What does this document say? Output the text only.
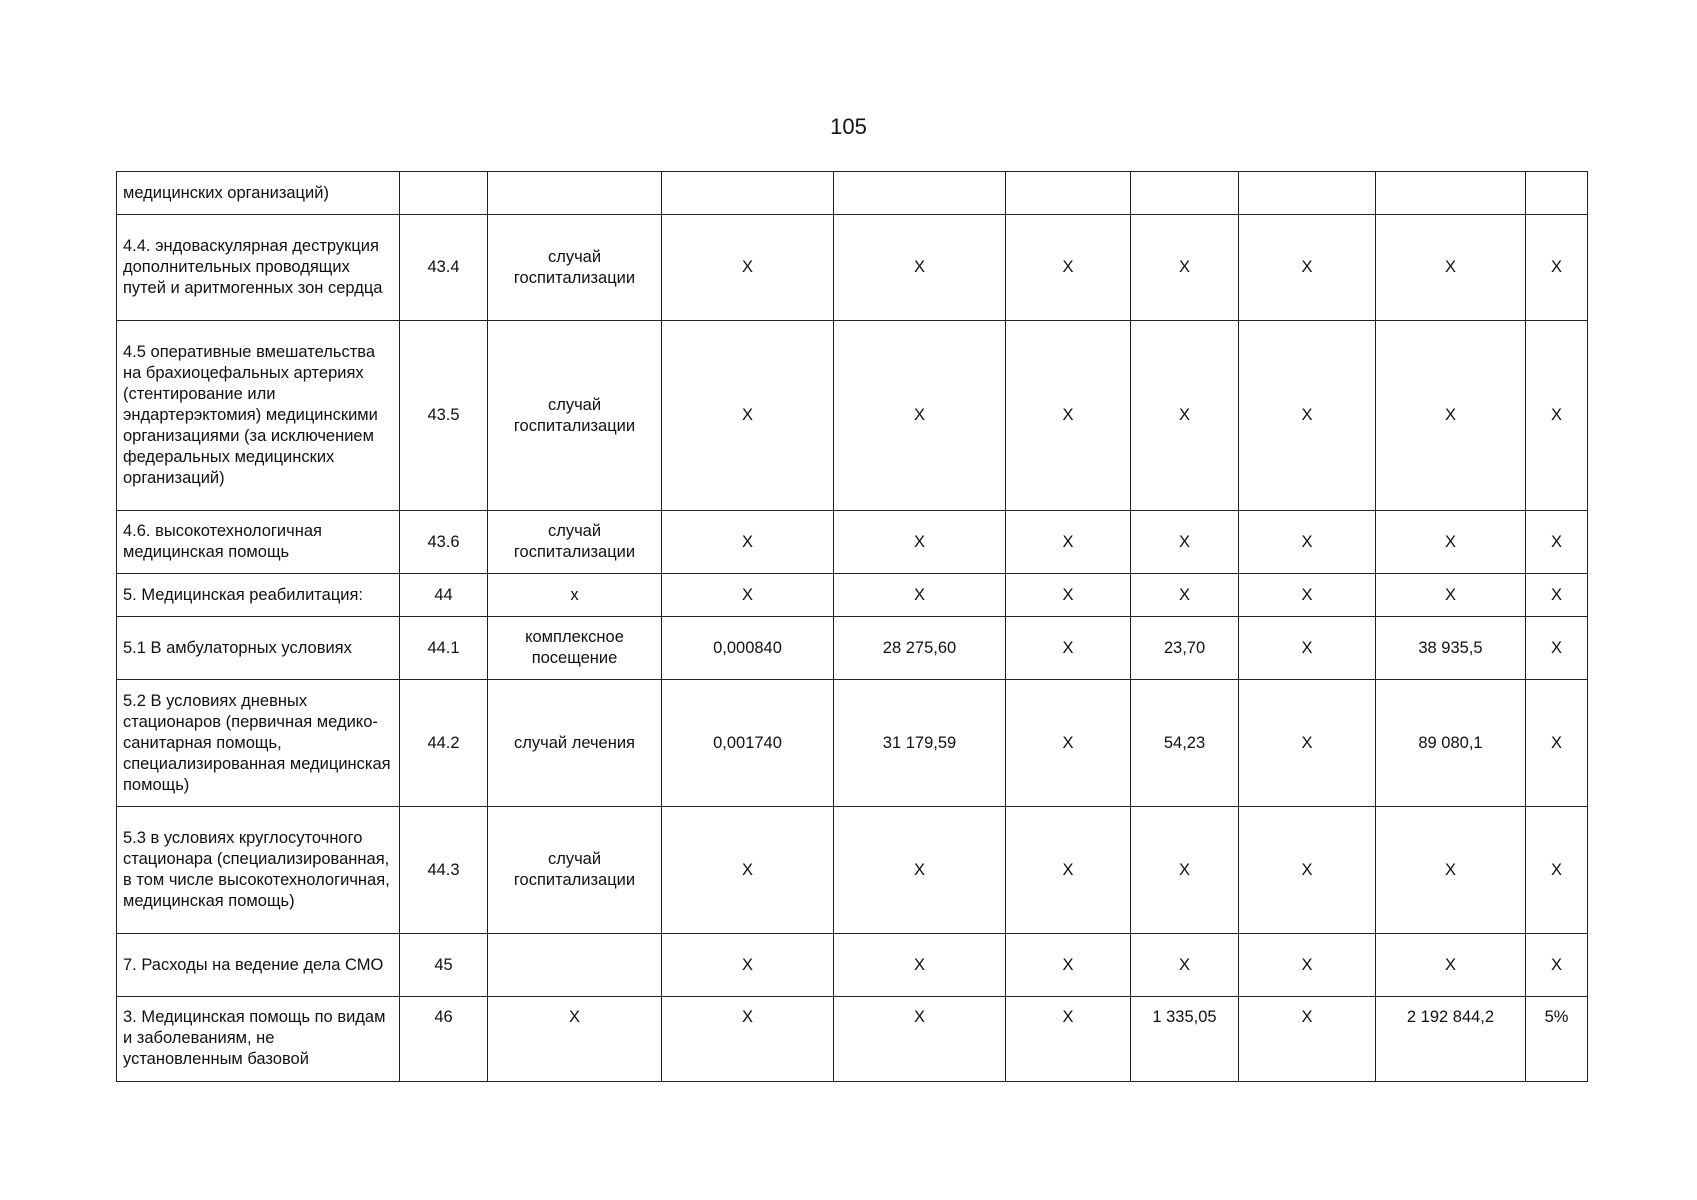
105
медицинских организаций)									
4.4. эндоваскулярная деструкция дополнительных проводящих путей и аритмогенных зон сердца	43.4	случай госпитализации	X	X	X	X	X	X	X
4.5 оперативные вмешательства на брахиоцефальных артериях (стентирование или эндартерэктомия) медицинскими организациями (за исключением федеральных медицинских организаций)	43.5	случай госпитализации	X	X	X	X	X	X	X
4.6. высокотехнологичная медицинская помощь	43.6	случай госпитализации	X	X	X	X	X	X	X
5. Медицинская реабилитация:	44	x	X	X	X	X	X	X	X
5.1 В амбулаторных условиях	44.1	комплексное посещение	0,000840	28 275,60	X	23,70	X	38 935,5	X
5.2 В условиях дневных стационаров (первичная медико-санитарная помощь, специализированная медицинская помощь)	44.2	случай лечения	0,001740	31 179,59	X	54,23	X	89 080,1	X
5.3 в условиях круглосуточного стационара (специализированная, в том числе высокотехнологичная, медицинская помощь)	44.3	случай госпитализации	X	X	X	X	X	X	X
7. Расходы на ведение дела СМО	45		X	X	X	X	X	X	X
3. Медицинская помощь по видам и заболеваниям, не установленным базовой	46	X	X	X	X	1 335,05	X	2 192 844,2	5%
